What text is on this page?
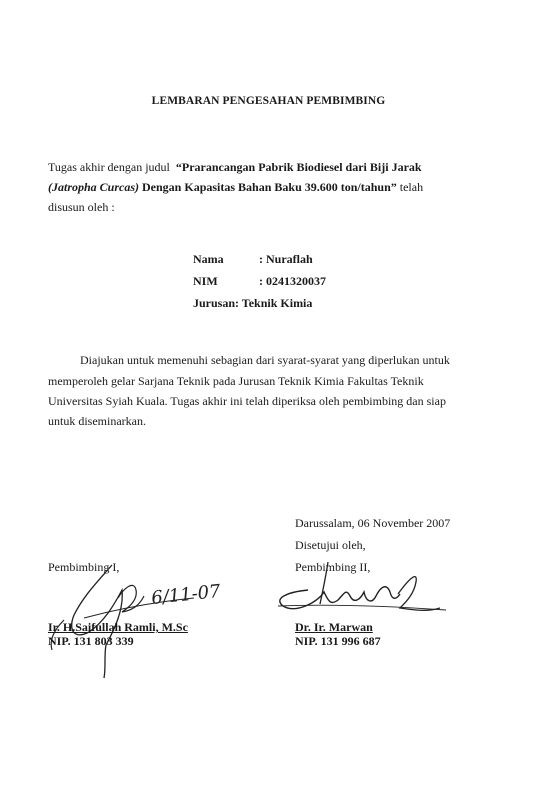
LEMBARAN PENGESAHAN PEMBIMBING
Tugas akhir dengan judul “Prarancangan Pabrik Biodiesel dari Biji Jarak
(Jatropha Curcas) Dengan Kapasitas Bahan Baku 39.600 ton/tahun” telah
disusun oleh :
Nama	: Nuraflah
NIM	: 0241320037
Jurusan: Teknik Kimia
Diajukan untuk memenuhi sebagian dari syarat-syarat yang diperlukan untuk
memperoleh gelar Sarjana Teknik pada Jurusan Teknik Kimia Fakultas Teknik
Universitas Syiah Kuala. Tugas akhir ini telah diperiksa oleh pembimbing dan siap
untuk diseminarkan.
Darussalam, 06 November 2007
Disetujui oleh,
Pembimbing I,	Pembimbing II,
6/11-07
Ir. H.Saifullah Ramli, M.Sc
NIP. 131 803 339
Dr. Ir. Marwan
NIP. 131 996 687
